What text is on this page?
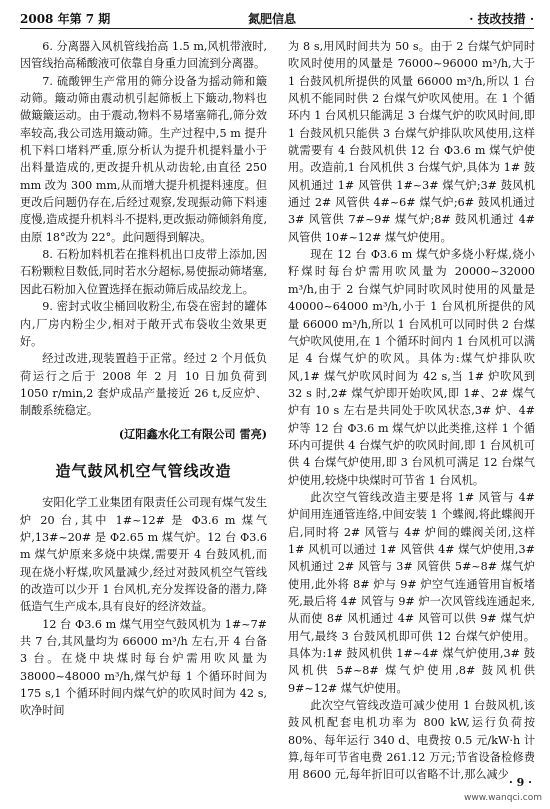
2008 年第 7 期	氮肥信息	· 技改技措 ·

6. 分离器入风机管线抬高 1.5 m,风机带液时,因管线抬高稀酸液可依靠自身重力回流到分离器。

7. 硫酸钾生产常用的筛分设备为摇动筛和簸动筛。簸动筛由震动机引起筛板上下簸动,物料也做簸簸运动。由于震动,物料不易堵塞筛孔,筛分效率较高,我公司选用簸动筛。生产过程中,5 m 提升机下料口堵料严重,原分析认为提升机提料量小于出料量造成的,更改提升机从动齿轮,由直径 250 mm 改为 300 mm,从而增大提升机提料速度。但更改后问题仍存在,后经过观察,发现振动筛下料速度慢,造成提升机料斗不提料,更改振动筛倾斜角度,由原 18°改为 22°。此问题得到解决。

8. 石粉加料机若在推料机出口皮带上添加,因石粉颗粒目数低,同时若水分超标,易使振动筛堵塞,因此石粉加入位置选择在振动筛后成品绞龙上。

9. 密封式收尘桶回收粉尘,布袋在密封的罐体内,厂房内粉尘少,相对于敞开式布袋收尘效果更好。

经过改进,现装置趋于正常。经过 2 个月低负荷运行之后于 2008 年 2 月 10 日加负荷到 1050 r/min,2 套炉成品产量接近 26 t,反应炉、制酸系统稳定。

(辽阳鑫水化工有限公司 雷亮)

造气鼓风机空气管线改造

安阳化学工业集团有限责任公司现有煤气发生炉 20 台,其中 1#~12# 是 Φ3.6 m 煤气炉,13#~20# 是 Φ2.65 m 煤气炉。12 台 Φ3.6 m 煤气炉原来多烧中块煤,需要开 4 台鼓风机,而现在烧小籽煤,吹风量减少,经过对鼓风机空气管线的改造可以少开 1 台风机,充分发挥设备的潜力,降低造气生产成本,具有良好的经济效益。

12 台 Φ3.6 m 煤气用空气鼓风机为 1#~7# 共 7 台,其风量均为 66000 m³/h 左右,开 4 台备 3 台。在烧中块煤时每台炉需用吹风量为 38000~48000 m³/h,煤气炉每 1 个循环时间为 175 s,1 个循环时间内煤气炉的吹风时间为 42 s,吹净时间

为 8 s,用风时间共为 50 s。由于 2 台煤气炉同时吹风时使用的风量是 76000~96000 m³/h,大于 1 台鼓风机所提供的风量 66000 m³/h,所以 1 台风机不能同时供 2 台煤气炉吹风使用。在 1 个循环内 1 台风机只能满足 3 台煤气炉的吹风时间,即 1 台鼓风机只能供 3 台煤气炉排队吹风使用,这样就需要有 4 台鼓风机供 12 台 Φ3.6 m 煤气炉使用。改造前,1 台风机供 3 台煤气炉,具体为 1# 鼓风机通过 1# 风管供 1#~3# 煤气炉;3# 鼓风机通过 2# 风管供 4#~6# 煤气炉;6# 鼓风机通过 3# 风管供 7#~9# 煤气炉;8# 鼓风机通过 4# 风管供 10#~12# 煤气炉使用。

现在 12 台 Φ3.6 m 煤气炉多烧小籽煤,烧小籽煤时每台炉需用吹风量为 20000~32000 m³/h,由于 2 台煤气炉同时吹风时使用的风量是 40000~64000 m³/h,小于 1 台风机所提供的风量 66000 m³/h,所以 1 台风机可以同时供 2 台煤气炉吹风使用,在 1 个循环时间内 1 台风机可以满足 4 台煤气炉的吹风。具体为:煤气炉排队吹风,1# 煤气炉吹风时间为 42 s,当 1# 炉吹风到 32 s 时,2# 煤气炉即开始吹风,即 1#、2# 煤气炉有 10 s 左右是共同处于吹风状态,3# 炉、4# 炉等 12 台 Φ3.6 m 煤气炉以此类推,这样 1 个循环内可提供 4 台煤气炉的吹风时间,即 1 台风机可供 4 台煤气炉使用,即 3 台风机可满足 12 台煤气炉使用,较烧中块煤时可节省 1 台风机。

此次空气管线改造主要是将 1# 风管与 4# 炉间用连通管连络,中间安装 1 个蝶阀,将此蝶阀开启,同时将 2# 风管与 4# 炉间的蝶阀关闭,这样 1# 风机可以通过 1# 风管供 4# 煤气炉使用,3# 风机通过 2# 风管与 3# 风管供 5#~8# 煤气炉使用,此外将 8# 炉与 9# 炉空气连通管用盲板堵死,最后将 4# 风管与 9# 炉一次风管线连通起来,从而使 8# 风机通过 4# 风管可以供 9# 煤气炉用气,最终 3 台鼓风机即可供 12 台煤气炉使用。具体为:1# 鼓风机供 1#~4# 煤气炉使用,3# 鼓风机供 5#~8# 煤气炉使用,8# 鼓风机供 9#~12# 煤气炉使用。

此次空气管线改造可减少使用 1 台鼓风机,该鼓风机配套电机功率为 800 kW,运行负荷按 80%、每年运行 340 d、电费按 0.5 元/kW·h 计算,每年可节省电费 261.12 万元;节省设备检修费用 8600 元,每年折旧可以省略不计,那么减少

· 9 ·
www.wanqci.com
